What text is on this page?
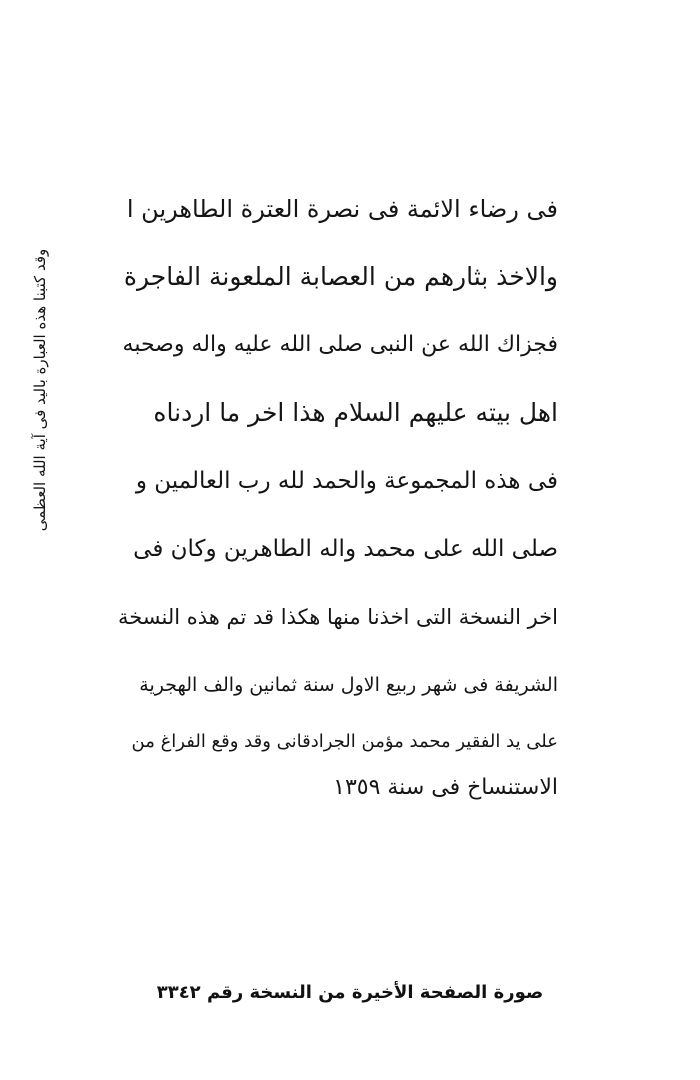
وقد كتبنا هذه العبارة باليد فى آية الله العظمى
فى رضاء الائمة فى نصرة العترة الطاهرين ا
والاخذ بثارهم من العصابة الملعونة الفاجرة
فجزاك الله عن النبى صلى الله عليه واله وصحبه
اهل بيته عليهم السلام هذا اخر ما اردناه
فى هذه المجموعة والحمد لله رب العالمين و
صلى الله على محمد واله الطاهرين وكان فى
اخر النسخة التى اخذنا منها هكذا قد تم هذه النسخة
الشريفة فى شهر ربيع الاول سنة ثمانين والف الهجرية
على يد الفقير محمد مؤمن الجرادقانى وقد وقع الفراغ من
الاستنساخ فى سنة ١٣٥٩
صورة الصفحة الأخيرة من النسخة رقم ٣٣٤٢
